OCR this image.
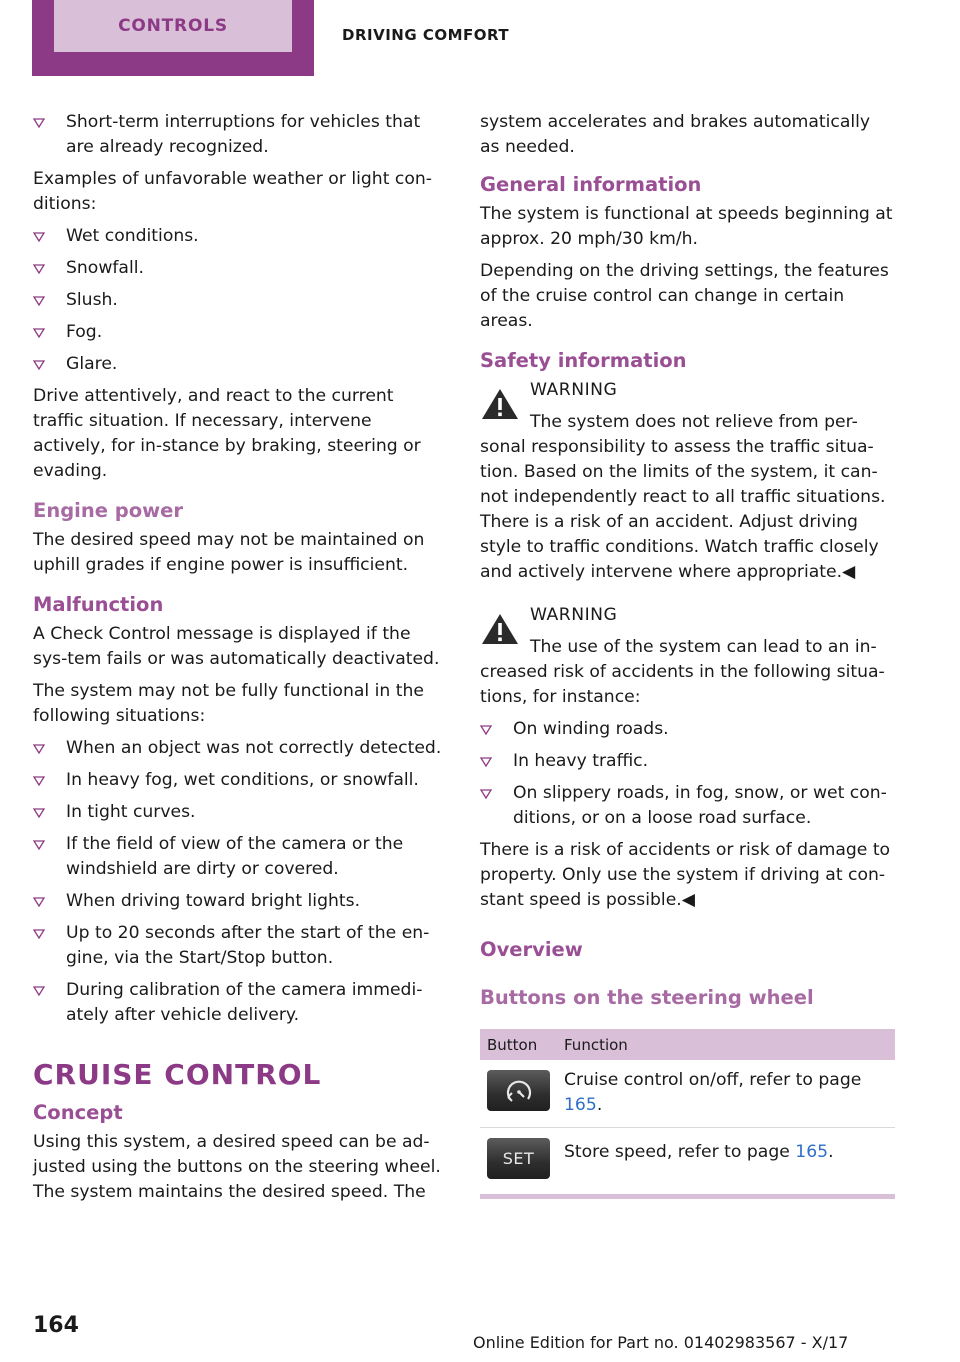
CONTROLS	DRIVING COMFORT
Short-term interruptions for vehicles that are already recognized.

Examples of unfavorable weather or light con-ditions:

Wet conditions.
Snowfall.
Slush.
Fog.
Glare.

Drive attentively, and react to the current traffic situation. If necessary, intervene actively, for in-stance by braking, steering or evading.

Engine power

The desired speed may not be maintained on uphill grades if engine power is insufficient.

Malfunction

A Check Control message is displayed if the sys-tem fails or was automatically deactivated.

The system may not be fully functional in the following situations:

When an object was not correctly detected.
In heavy fog, wet conditions, or snowfall.
In tight curves.
If the field of view of the camera or the windshield are dirty or covered.
When driving toward bright lights.
Up to 20 seconds after the start of the en-gine, via the Start/Stop button.
During calibration of the camera immedi-ately after vehicle delivery.
CRUISE CONTROL
Concept

Using this system, a desired speed can be ad-justed using the buttons on the steering wheel. The system maintains the desired speed. The

system accelerates and brakes automatically as needed.

General information

The system is functional at speeds beginning at approx. 20 mph/30 km/h.

Depending on the driving settings, the features of the cruise control can change in certain areas.

Safety information
WARNING

The system does not relieve from per-sonal responsibility to assess the traffic situa-tion. Based on the limits of the system, it can-not independently react to all traffic situations. There is a risk of an accident. Adjust driving style to traffic conditions. Watch traffic closely and actively intervene where appropriate.◀

WARNING

The use of the system can lead to an in-creased risk of accidents in the following situa-tions, for instance:

On winding roads.
In heavy traffic.
On slippery roads, in fog, snow, or wet con-ditions, or on a loose road surface.

There is a risk of accidents or risk of damage to property. Only use the system if driving at con-stant speed is possible.◀

Overview
Buttons on the steering wheel
Button	Function

	Cruise control on/off, refer to page 165.

SET	Store speed, refer to page 165.
164
Online Edition for Part no. 01402983567 - X/17
